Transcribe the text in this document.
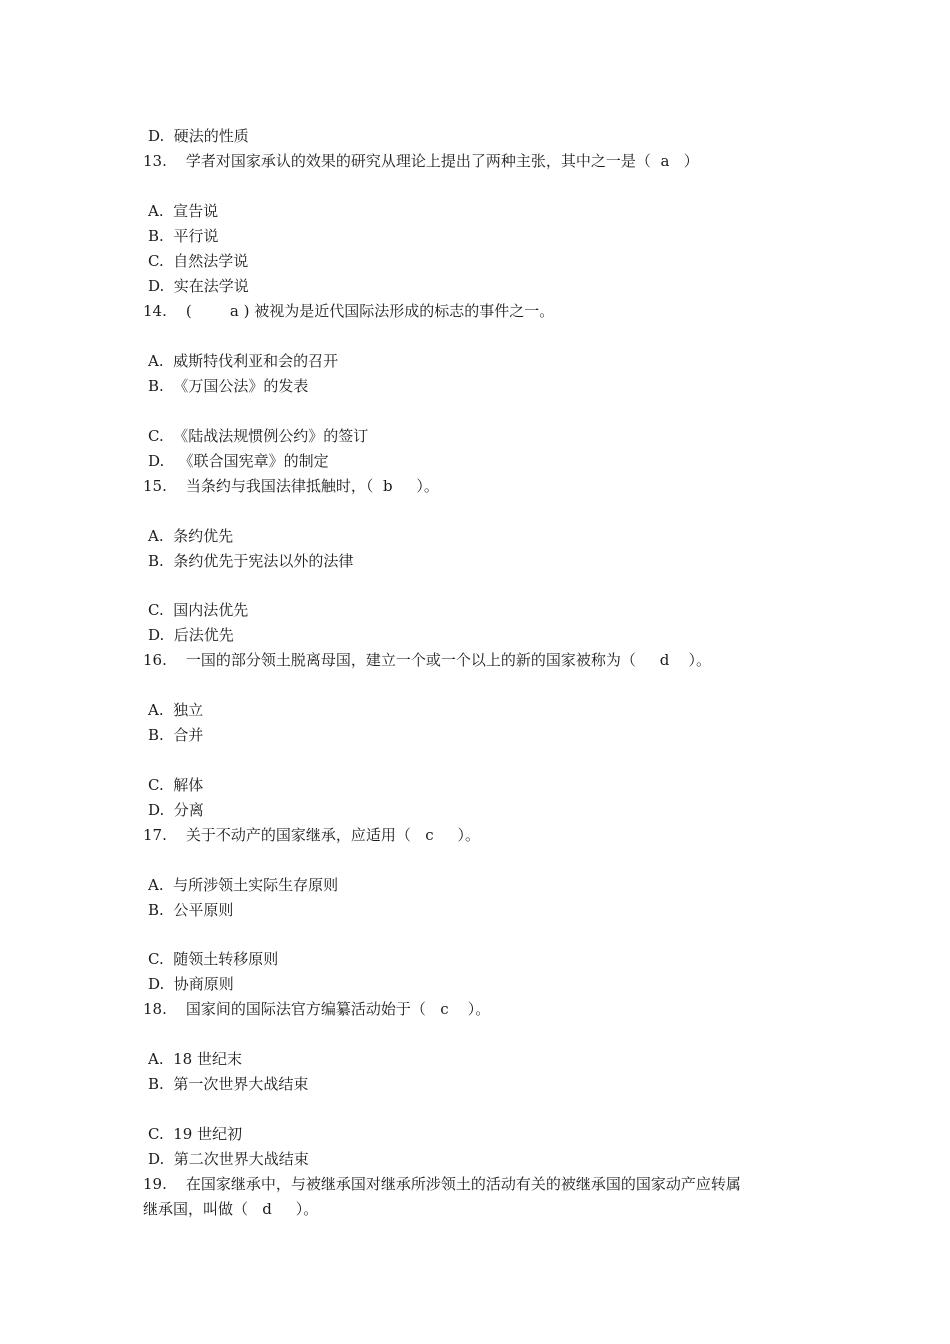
D.  硬法的性质
13.    学者对国家承认的效果的研究从理论上提出了两种主张，其中之一是（  a   ）
A.  宣告说
B.  平行说
C.  自然法学说
D.  实在法学说
14.    (        a ) 被视为是近代国际法形成的标志的事件之一。
A.  威斯特伐利亚和会的召开
B.  《万国公法》的发表
C.  《陆战法规惯例公约》的签订
D.   《联合国宪章》的制定
15.    当条约与我国法律抵触时，（  b     ）。
A.  条约优先
B.  条约优先于宪法以外的法律
C.  国内法优先
D.  后法优先
16.    一国的部分领土脱离母国，建立一个或一个以上的新的国家被称为（     d    ）。
A.  独立
B.  合并
C.  解体
D.  分离
17.    关于不动产的国家继承，应适用（   c     ）。
A.  与所涉领土实际生存原则
B.  公平原则
C.  随领土转移原则
D.  协商原则
18.    国家间的国际法官方编纂活动始于（   c    ）。
A.  18 世纪末
B.  第一次世界大战结束
C.  19 世纪初
D.  第二次世界大战结束
19.    在国家继承中，与被继承国对继承所涉领土的活动有关的被继承国的国家动产应转属
继承国，叫做（   d     ）。
